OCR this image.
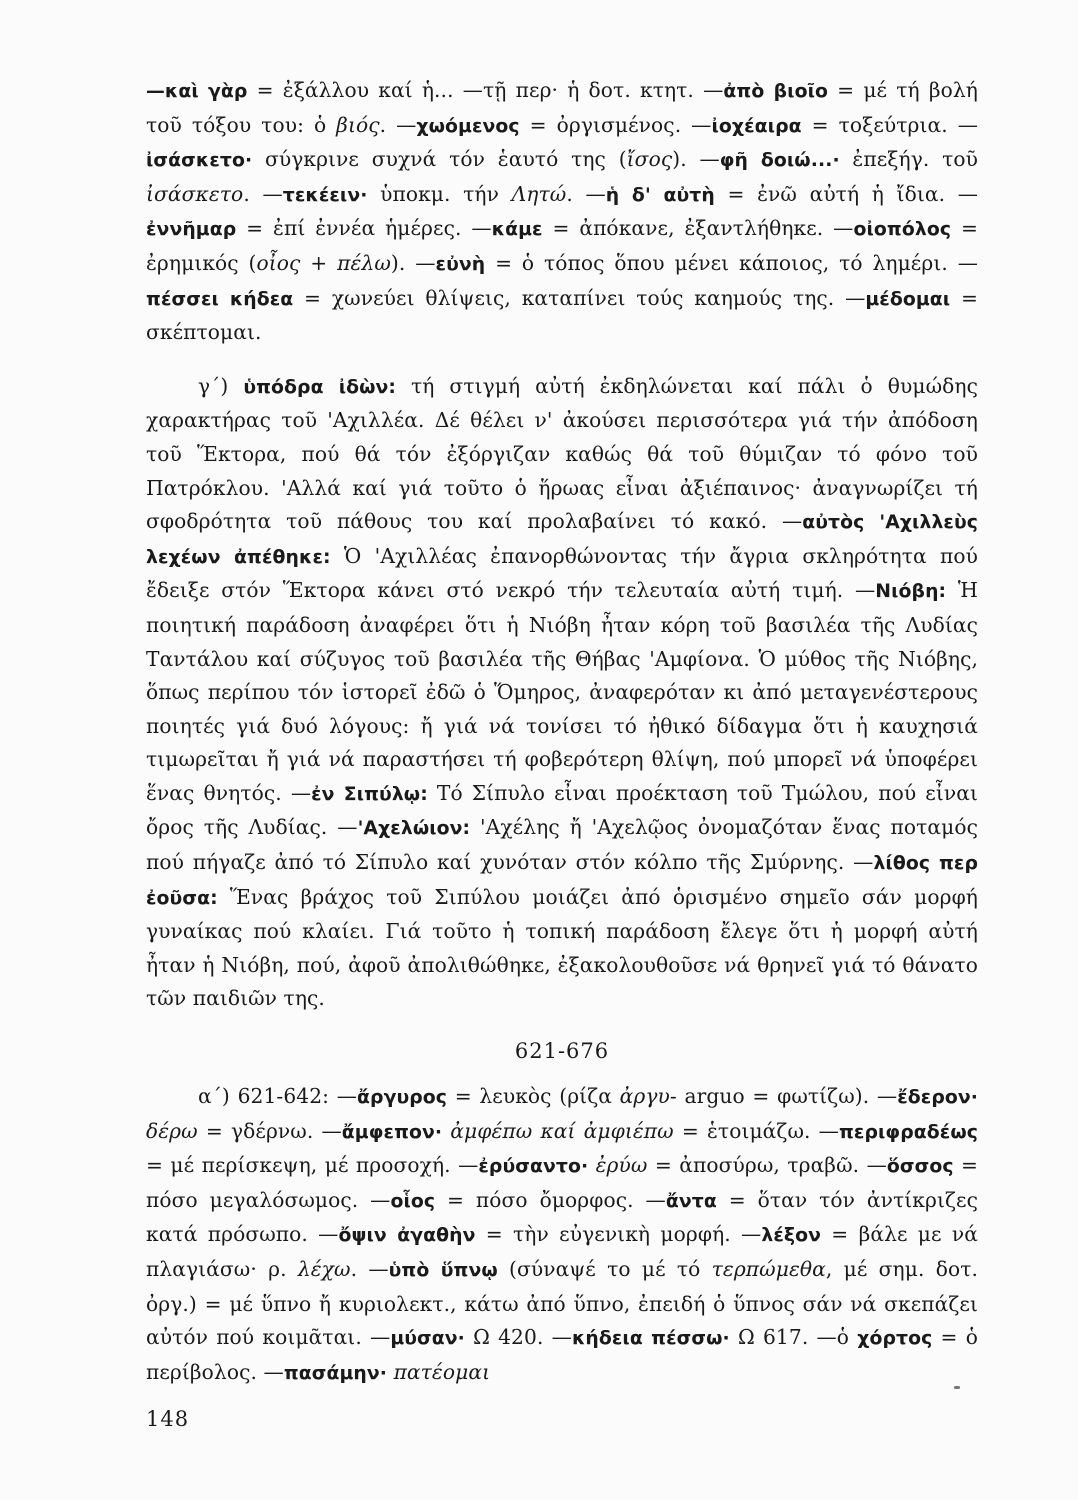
—καὶ γὰρ = ἐξάλλου καί ἡ... —τῇ περ· ἡ δοτ. κτητ. —ἀπὸ βιοῖο = μέ τή βολή τοῦ τόξου του: ὁ βιός. —χωόμενος = ὀργισμένος. —ἰοχέαιρα = τοξεύτρια. —ἰσάσκετο· σύγκρινε συχνά τόν ἑαυτό της (ἴσος). —φῆ δοιώ...· ἐπεξήγ. τοῦ ἰσάσκετο. —τεκέειν· ὑποκμ. τήν Λητώ. —ἡ δ' αὐτὴ = ἐνῶ αὐτή ἡ ἴδια. —ἐννῆμαρ = ἐπί ἐννέα ἡμέρες. —κάμε = ἀπόκανε, ἐξαντλήθηκε. —οἰοπόλος = ἐρημικός (οἶος + πέλω). —εὐνὴ = ὁ τόπος ὅπου μένει κάποιος, τό λημέρι. —πέσσει κήδεα = χωνεύει θλίψεις, καταπίνει τούς καημούς της. —μέδομαι = σκέπτομαι.

γ΄) ὑπόδρα ἰδὼν: τή στιγμή αὐτή ἐκδηλώνεται καί πάλι ὁ θυμώδης χαρακτήρας τοῦ 'Αχιλλέα. Δέ θέλει ν' ἀκούσει περισσότερα γιά τήν ἀπόδοση τοῦ Ἕκτορα, πού θά τόν ἐξόργιζαν καθώς θά τοῦ θύμιζαν τό φόνο τοῦ Πατρόκλου. 'Αλλά καί γιά τοῦτο ὁ ἥρωας εἶναι ἀξιέπαινος· ἀναγνωρίζει τή σφοδρότητα τοῦ πάθους του καί προλαβαίνει τό κακό. —αὐτὸς 'Αχιλλεὺς λεχέων ἀπέθηκε: Ὁ 'Αχιλλέας ἐπανορθώνοντας τήν ἄγρια σκληρότητα πού ἔδειξε στόν Ἕκτορα κάνει στό νεκρό τήν τελευταία αὐτή τιμή. —Νιόβη: Ἡ ποιητική παράδοση ἀναφέρει ὅτι ἡ Νιόβη ἦταν κόρη τοῦ βασιλέα τῆς Λυδίας Ταντάλου καί σύζυγος τοῦ βασιλέα τῆς Θήβας 'Αμφίονα. Ὁ μύθος τῆς Νιόβης, ὅπως περίπου τόν ἱστορεῖ ἐδῶ ὁ Ὅμηρος, ἀναφερόταν κι ἀπό μεταγενέστερους ποιητές γιά δυό λόγους: ἤ γιά νά τονίσει τό ἠθικό δίδαγμα ὅτι ἡ καυχησιά τιμωρεῖται ἤ γιά νά παραστήσει τή φοβερότερη θλίψη, πού μπορεῖ νά ὑποφέρει ἕνας θνητός. —ἐν Σιπύλῳ: Τό Σίπυλο εἶναι προέκταση τοῦ Τμώλου, πού εἶναι ὄρος τῆς Λυδίας. —'Αχελώιον: 'Αχέλης ἤ 'Αχελῷος ὀνομαζόταν ἕνας ποταμός πού πήγαζε ἀπό τό Σίπυλο καί χυνόταν στόν κόλπο τῆς Σμύρνης. —λίθος περ ἐοῦσα: Ἕνας βράχος τοῦ Σιπύλου μοιάζει ἀπό ὁρισμένο σημεῖο σάν μορφή γυναίκας πού κλαίει. Γιά τοῦτο ἡ τοπική παράδοση ἔλεγε ὅτι ἡ μορφή αὐτή ἦταν ἡ Νιόβη, πού, ἀφοῦ ἀπολιθώθηκε, ἐξακολουθοῦσε νά θρηνεῖ γιά τό θάνατο τῶν παιδιῶν της.

621-676

α΄) 621-642: —ἄργυρος = λευκὸς (ρίζα ἀργυ- arguo = φωτίζω). —ἔδερον· δέρω = γδέρνω. —ἄμφεπον· ἀμφέπω καί ἀμφιέπω = ἑτοιμάζω. —περιφραδέως = μέ περίσκεψη, μέ προσοχή. —ἐρύσαντο· ἐρύω = ἀποσύρω, τραβῶ. —ὅσσος = πόσο μεγαλόσωμος. —οἷος = πόσο ὄμορφος. —ἄντα = ὅταν τόν ἀντίκριζες κατά πρόσωπο. —ὄψιν ἀγαθὴν = τὴν εὐγενικὴ μορφή. —λέξον = βάλε με νά πλαγιάσω· ρ. λέχω. —ὑπὸ ὕπνῳ (σύναψέ το μέ τό τερπώμεθα, μέ σημ. δοτ. ὀργ.) = μέ ὕπνο ἤ κυριολεκτ., κάτω ἀπό ὕπνο, ἐπειδή ὁ ὕπνος σάν νά σκεπάζει αὐτόν πού κοιμᾶται. —μύσαν· Ω 420. —κήδεια πέσσω· Ω 617. —ὁ χόρτος = ὁ περίβολος. —πασάμην· πατέομαι

148
